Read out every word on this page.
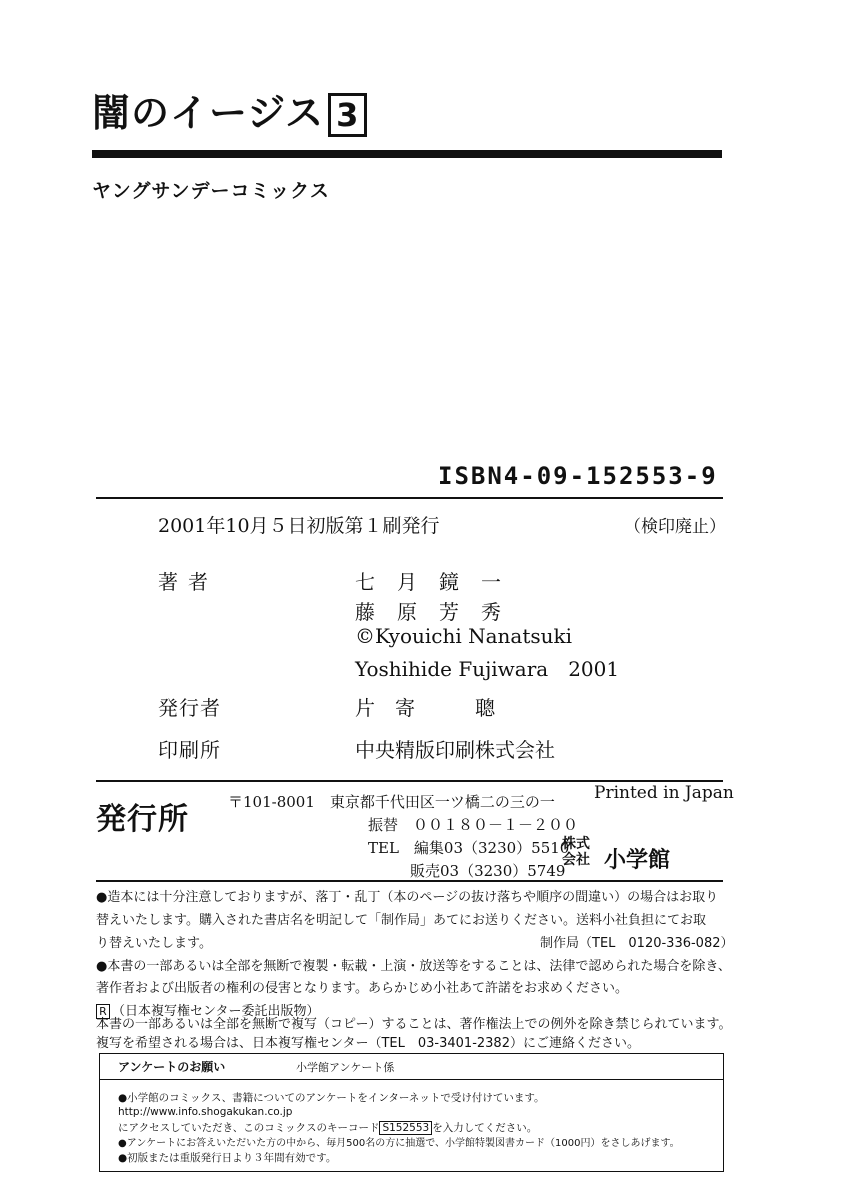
闇のイージス 3
ヤングサンデーコミックス
ISBN4-09-152553-9
2001年10月５日初版第１刷発行	（検印廃止）
著者	七　月　鏡　一
藤　原　芳　秀
©Kyouichi Nanatsuki
Yoshihide Fujiwara　2001
発行者	片　寄　　　聰
印刷所	中央精版印刷株式会社
Printed in Japan
発行所	〒101-8001　東京都千代田区一ツ橋二の三の一
振替　００１８０－１－２００
TEL　編集03（3230）5510
販売03（3230）5749
株式
会社 小学館
●造本には十分注意しておりますが、落丁・乱丁（本のページの抜け落ちや順序の間違い）の場合はお取り
替えいたします。購入された書店名を明記して「制作局」あてにお送りください。送料小社負担にてお取
り替えいたします。	制作局（TEL　0120-336-082）
●本書の一部あるいは全部を無断で複製・転載・上演・放送等をすることは、法律で認められた場合を除き、
著作者および出版者の権利の侵害となります。あらかじめ小社あて許諾をお求めください。
R （日本複写権センター委託出版物）
本書の一部あるいは全部を無断で複写（コピー）することは、著作権法上での例外を除き禁じられています。
複写を希望される場合は、日本複写権センター（TEL　03-3401-2382）にご連絡ください。
アンケートのお願い	小学館アンケート係
●小学館のコミックス、書籍についてのアンケートをインターネットで受け付けています。
http://www.info.shogakukan.co.jp
にアクセスしていただき、このコミックスのキーコード S152553 を入力してください。
●アンケートにお答えいただいた方の中から、毎月500名の方に抽選で、小学館特製図書カード（1000円）をさしあげます。
●初版または重版発行日より３年間有効です。
